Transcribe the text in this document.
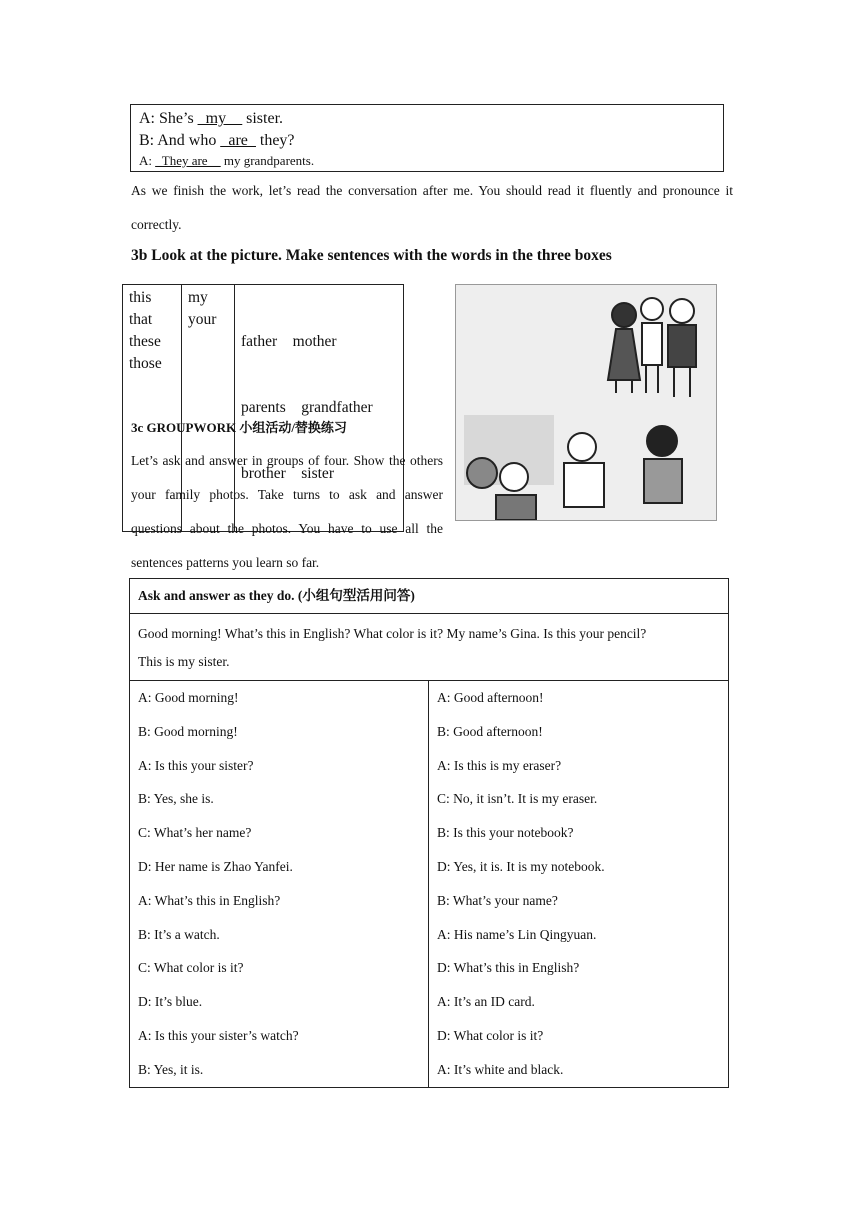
A: She’s _my__ sister.
B: And who _are_ they?
A: _They are__ my grandparents.
As we finish the work, let’s read the conversation after me. You should read it fluently and pronounce it correctly.
3b Look at the picture. Make sentences with the words in the three boxes
this
that
these
those

my
your

father    mother

parents    grandfather

brother    sister

3c GROUPWORK 小组活动/替换练习
Let’s ask and answer in groups of four. Show the others your family photos. Take turns to ask and answer questions about the photos. You have to use all the sentences patterns you learn so far.
Ask and answer as they do. (小组句型活用问答)
Good morning! What’s this in English? What color is it? My name’s Gina. Is this your pencil?
This is my sister.
A: Good morning!
B: Good morning!
A: Is this your sister?
B: Yes, she is.
C: What’s her name?
D: Her name is Zhao Yanfei.
A: What’s this in English?
B: It’s a watch.
C: What color is it?
D: It’s blue.
A: Is this your sister’s watch?
B: Yes, it is.
A: Good afternoon!
B: Good afternoon!
A: Is this is my eraser?
C: No, it isn’t. It is my eraser.
B: Is this your notebook?
D: Yes, it is. It is my notebook.
B: What’s your name?
A: His name’s Lin Qingyuan.
D: What’s this in English?
A: It’s an ID card.
D: What color is it?
A: It’s white and black.
